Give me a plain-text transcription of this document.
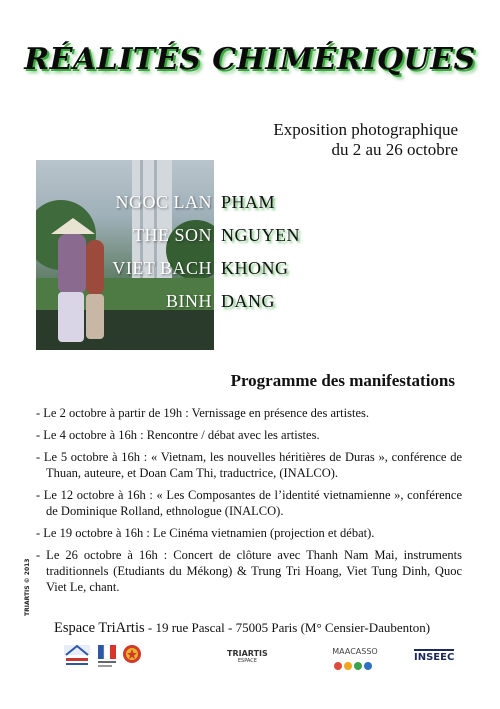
RÉALITÉS CHIMÉRIQUES
Exposition photographique
du 2 au 26 octobre
NGOC LAN PHAM
THE SON NGUYEN
VIET BACH KHONG
BINH DANG
Programme des manifestations

- Le 2 octobre à partir de 19h : Vernissage en présence des artistes.

- Le 4 octobre à 16h : Rencontre / débat avec les artistes.

- Le 5 octobre à 16h : « Vietnam, les nouvelles héritières de Duras », conférence de Thuan, auteure, et Doan Cam Thi, traductrice, (INALCO).

- Le 12 octobre à 16h : « Les Composantes de l’identité vietnamienne », conférence de Dominique Rolland, ethnologue (INALCO).

- Le 19 octobre à 16h : Le Cinéma vietnamien (projection et débat).

- Le 26 octobre à 16h : Concert de clôture avec Thanh Nam Mai, instruments traditionnels (Etudiants du Mékong) & Trung Tri Hoang, Viet Tung Dinh, Quoc Viet Le, chant.

TRIARTIS © 2013
Espace TriArtis - 19 rue Pascal - 75005 Paris (M° Censier-Daubenton)
TRIARTIS
ESPACE
MAACASSO
INSEEC
